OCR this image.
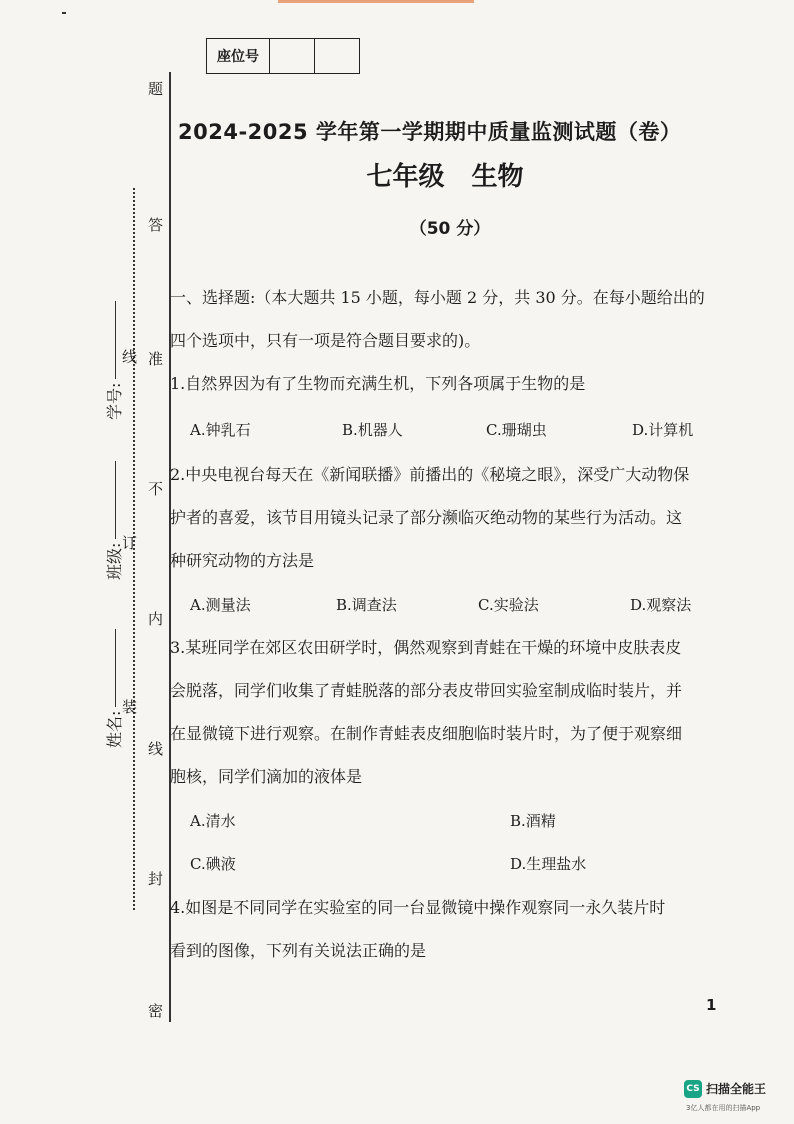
座位号
题
答
准
不
内
线
封
密
线
订
装
学号:
班级:
姓名:
2024-2025 学年第一学期期中质量监测试题（卷）
七年级 生物
（50 分）

一、选择题:（本大题共 15 小题，每小题 2 分，共 30 分。在每小题给出的

四个选项中，只有一项是符合题目要求的)。

1.自然界因为有了生物而充满生机，下列各项属于生物的是

A.钟乳石	B.机器人	C.珊瑚虫	D.计算机

2.中央电视台每天在《新闻联播》前播出的《秘境之眼》，深受广大动物保

护者的喜爱，该节目用镜头记录了部分濒临灭绝动物的某些行为活动。这

种研究动物的方法是

A.测量法	B.调查法	C.实验法	D.观察法

3.某班同学在郊区农田研学时，偶然观察到青蛙在干燥的环境中皮肤表皮

会脱落，同学们收集了青蛙脱落的部分表皮带回实验室制成临时装片，并

在显微镜下进行观察。在制作青蛙表皮细胞临时装片时，为了便于观察细

胞核，同学们滴加的液体是

A.清水	B.酒精
C.碘液	D.生理盐水

4.如图是不同同学在实验室的同一台显微镜中操作观察同一永久装片时

看到的图像，下列有关说法正确的是

1
CS 扫描全能王
3亿人都在用的扫描App
